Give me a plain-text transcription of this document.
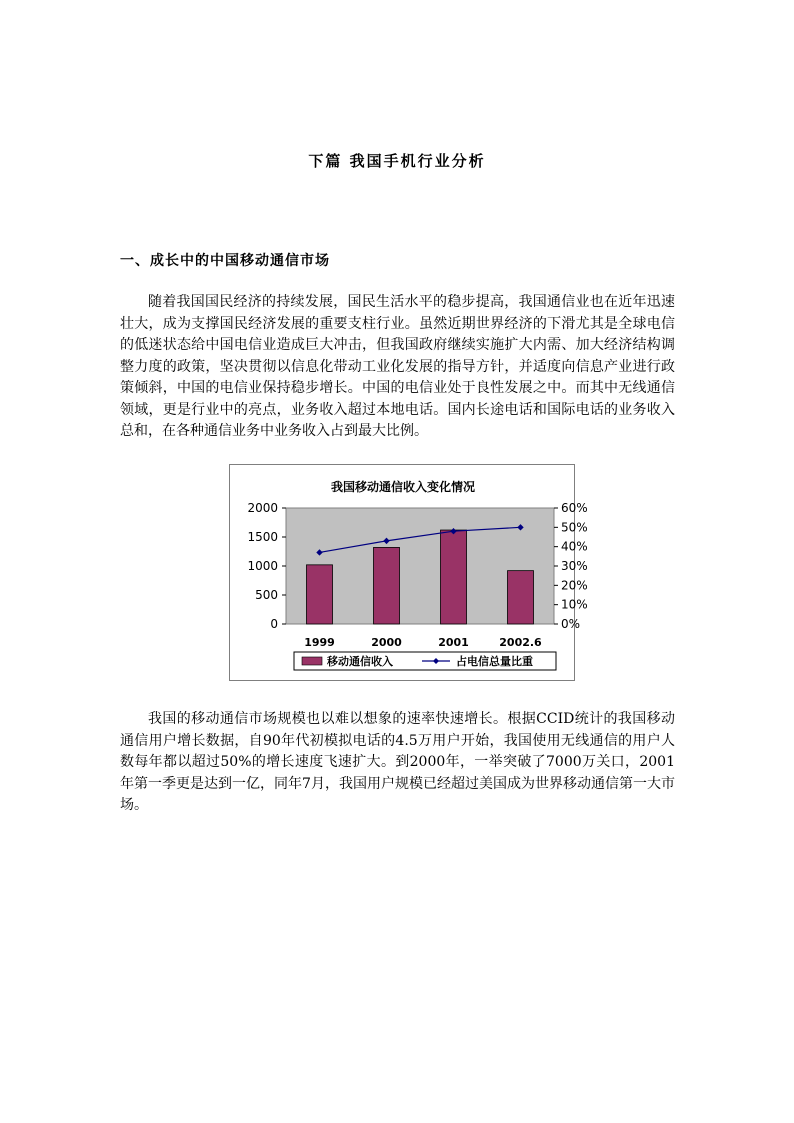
下篇 我国手机行业分析
一、成长中的中国移动通信市场
随着我国国民经济的持续发展，国民生活水平的稳步提高，我国通信业也在近年迅速壮大，成为支撑国民经济发展的重要支柱行业。虽然近期世界经济的下滑尤其是全球电信的低迷状态给中国电信业造成巨大冲击，但我国政府继续实施扩大内需、加大经济结构调整力度的政策，坚决贯彻以信息化带动工业化发展的指导方针，并适度向信息产业进行政策倾斜，中国的电信业保持稳步增长。中国的电信业处于良性发展之中。而其中无线通信领域，更是行业中的亮点，业务收入超过本地电话。国内长途电话和国际电话的业务收入总和，在各种通信业务中业务收入占到最大比例。
我国移动通信收入变化情况
0
500
1000
1500
2000
0%
10%
20%
30%
40%
50%
60%
1999	2000	2001	2002.6
移动通信收入	占电信总量比重
我国的移动通信市场规模也以难以想象的速率快速增长。根据CCID统计的我国移动通信用户增长数据，自90年代初模拟电话的4.5万用户开始，我国使用无线通信的用户人数每年都以超过50%的增长速度飞速扩大。到2000年，一举突破了7000万关口，2001年第一季更是达到一亿，同年7月，我国用户规模已经超过美国成为世界移动通信第一大市场。
